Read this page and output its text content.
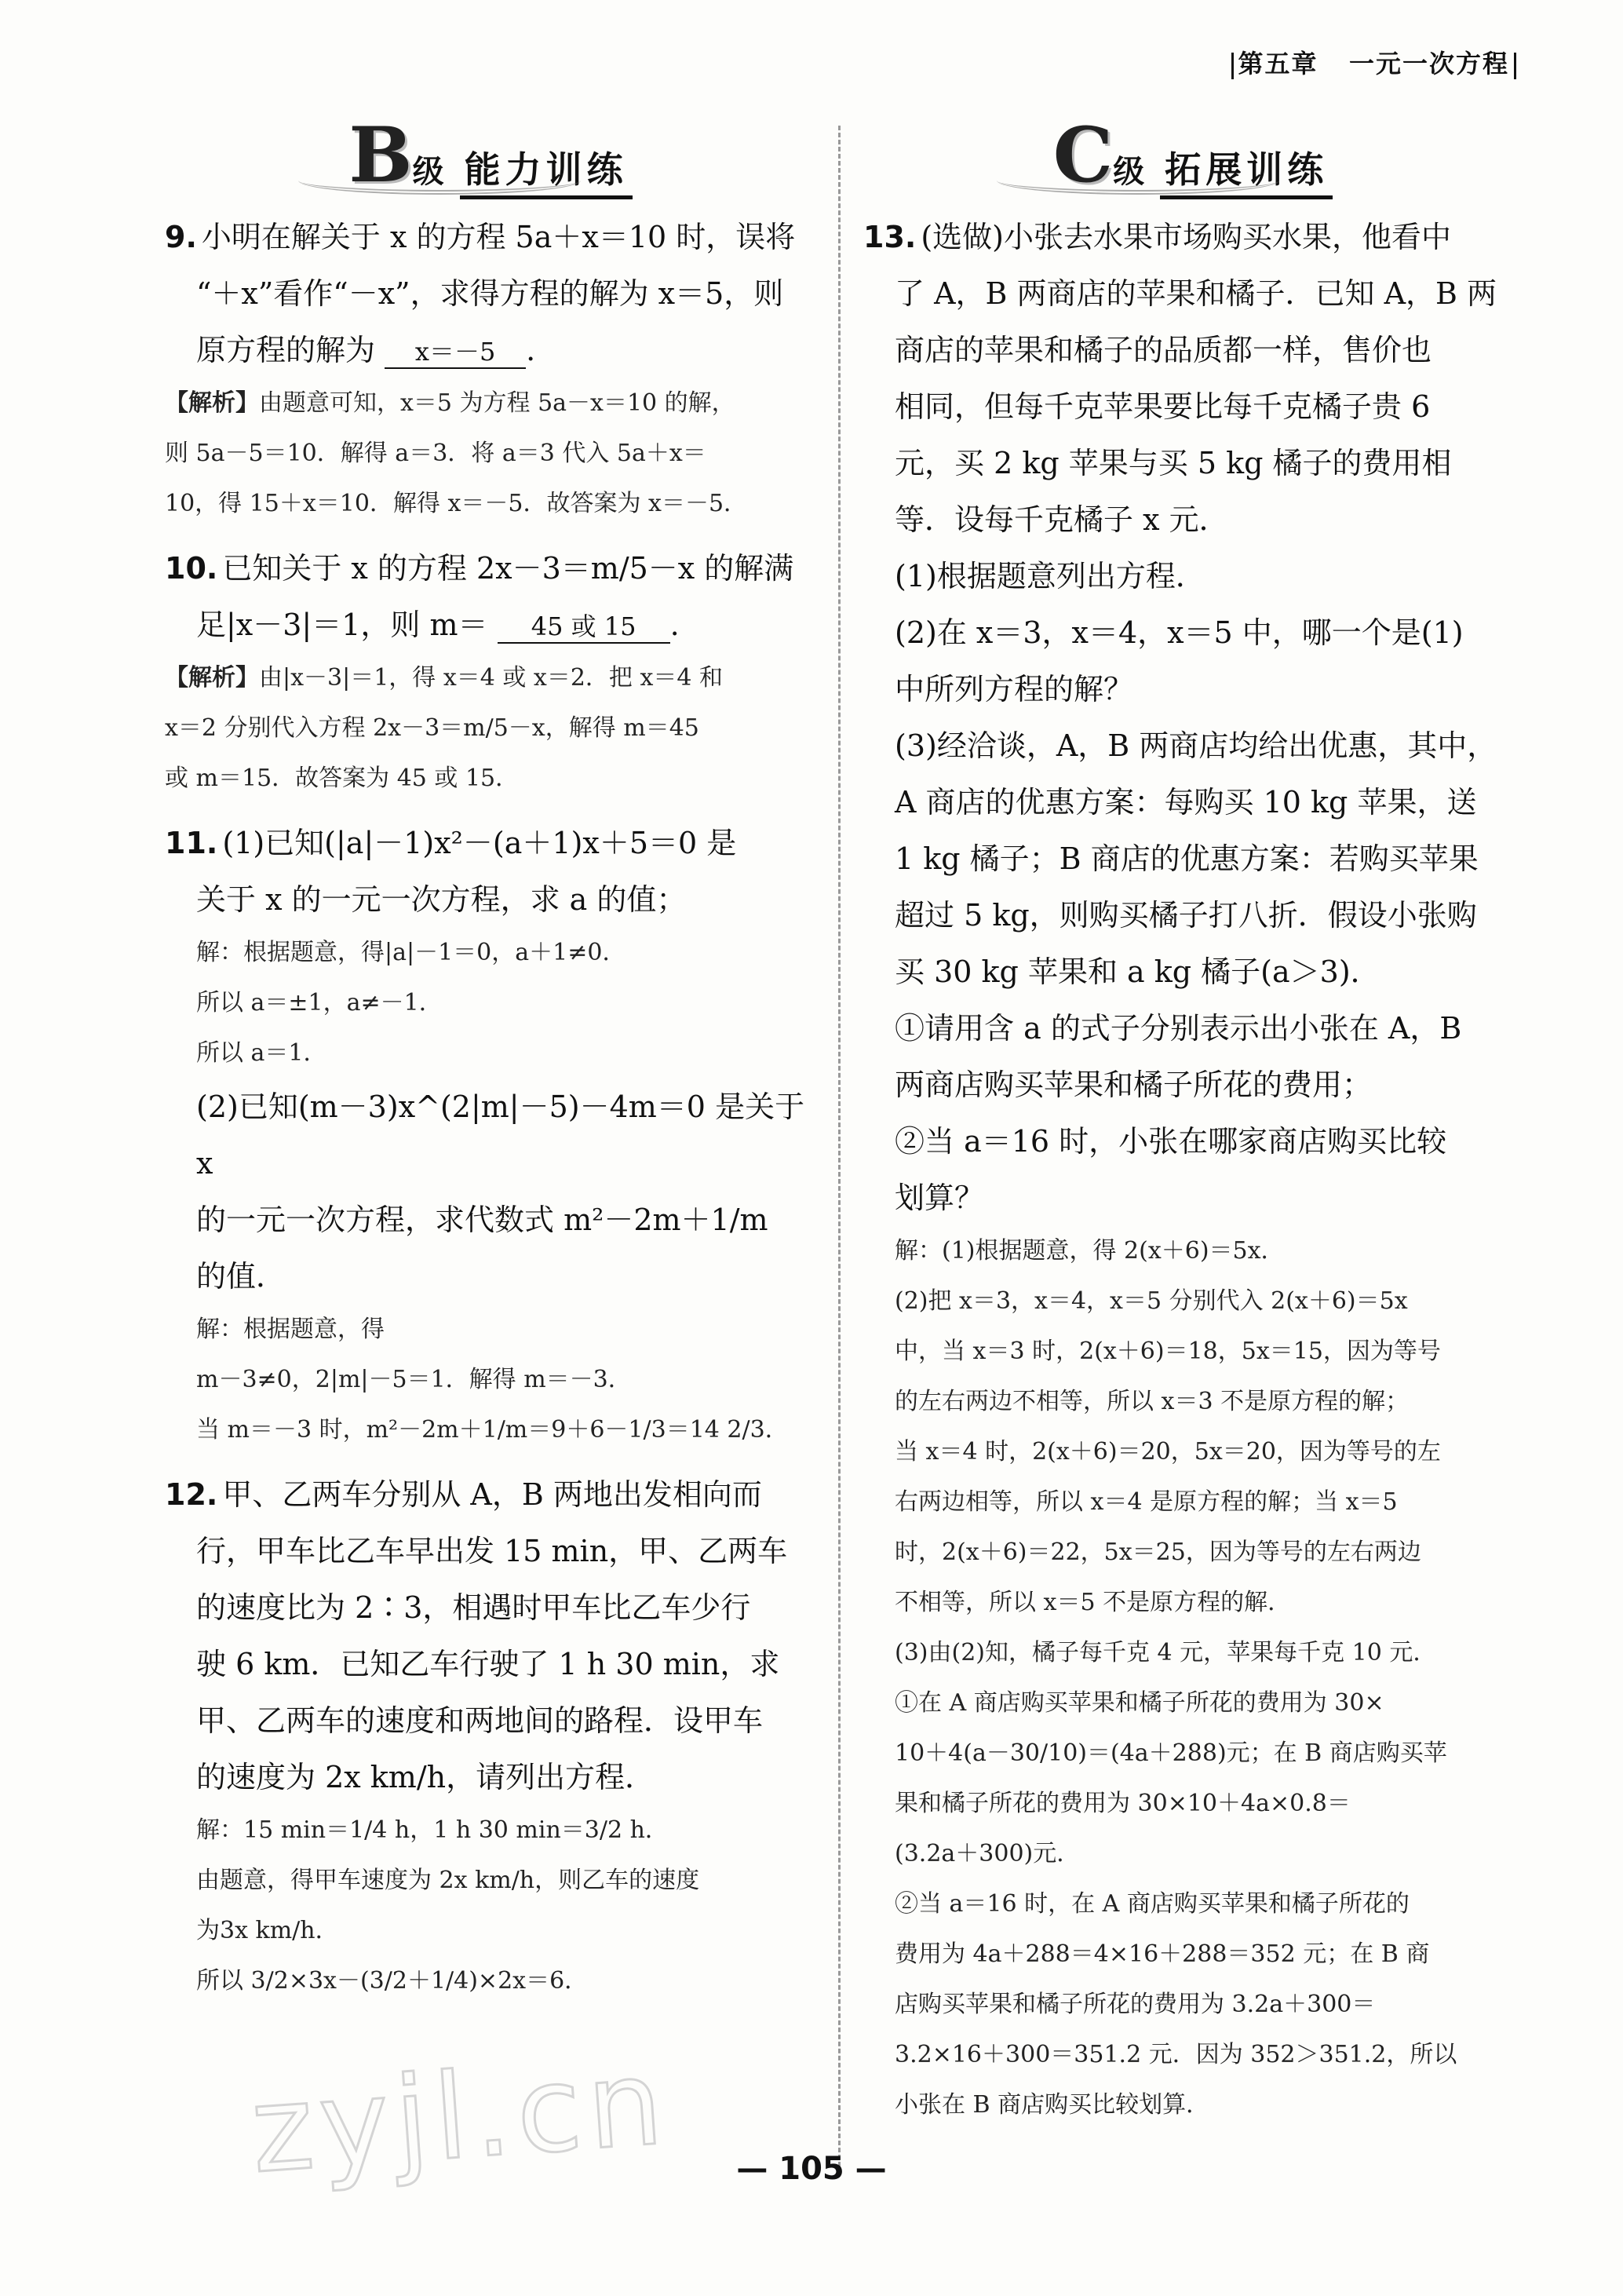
第五章 一元一次方程
B级 能力训练

9. 小明在解关于 x 的方程 5a＋x＝10 时，误将

“＋x”看作“－x”，求得方程的解为 x＝5，则

原方程的解为 x＝－5 .

【解析】由题意可知，x＝5 为方程 5a－x＝10 的解，

则 5a－5＝10．解得 a＝3．将 a＝3 代入 5a＋x＝

10，得 15＋x＝10．解得 x＝－5．故答案为 x＝－5．

10. 已知关于 x 的方程 2x－3＝m/5－x 的解满

足|x－3|＝1，则 m＝ 45 或 15 .

【解析】由|x－3|＝1，得 x＝4 或 x＝2．把 x＝4 和

x＝2 分别代入方程 2x－3＝m/5－x，解得 m＝45

或 m＝15．故答案为 45 或 15．

11. (1)已知(|a|－1)x²－(a＋1)x＋5＝0 是

关于 x 的一元一次方程，求 a 的值；

解：根据题意，得|a|－1＝0，a＋1≠0．

所以 a＝±1，a≠－1．

所以 a＝1．

(2)已知(m－3)x^(2|m|－5)－4m＝0 是关于 x

的一元一次方程，求代数式 m²－2m＋1/m

的值．

解：根据题意，得

m－3≠0，2|m|－5＝1．解得 m＝－3．

当 m＝－3 时，m²－2m＋1/m＝9＋6－1/3＝14 2/3．

12. 甲、乙两车分别从 A，B 两地出发相向而

行，甲车比乙车早出发 15 min，甲、乙两车

的速度比为 2∶3，相遇时甲车比乙车少行

驶 6 km．已知乙车行驶了 1 h 30 min，求

甲、乙两车的速度和两地间的路程．设甲车

的速度为 2x km/h，请列出方程．

解：15 min＝1/4 h，1 h 30 min＝3/2 h．

由题意，得甲车速度为 2x km/h，则乙车的速度

为3x km/h．

所以 3/2×3x－(3/2＋1/4)×2x＝6．

C级 拓展训练

13. (选做)小张去水果市场购买水果，他看中

了 A，B 两商店的苹果和橘子．已知 A，B 两

商店的苹果和橘子的品质都一样，售价也

相同，但每千克苹果要比每千克橘子贵 6

元，买 2 kg 苹果与买 5 kg 橘子的费用相

等．设每千克橘子 x 元．

(1)根据题意列出方程．

(2)在 x＝3，x＝4，x＝5 中，哪一个是(1)

中所列方程的解？

(3)经洽谈，A，B 两商店均给出优惠，其中，

A 商店的优惠方案：每购买 10 kg 苹果，送

1 kg 橘子；B 商店的优惠方案：若购买苹果

超过 5 kg，则购买橘子打八折．假设小张购

买 30 kg 苹果和 a kg 橘子(a＞3)．

①请用含 a 的式子分别表示出小张在 A，B

两商店购买苹果和橘子所花的费用；

②当 a＝16 时，小张在哪家商店购买比较

划算？

解：(1)根据题意，得 2(x＋6)＝5x．

(2)把 x＝3，x＝4，x＝5 分别代入 2(x＋6)＝5x

中，当 x＝3 时，2(x＋6)＝18，5x＝15，因为等号

的左右两边不相等，所以 x＝3 不是原方程的解；

当 x＝4 时，2(x＋6)＝20，5x＝20，因为等号的左

右两边相等，所以 x＝4 是原方程的解；当 x＝5

时，2(x＋6)＝22，5x＝25，因为等号的左右两边

不相等，所以 x＝5 不是原方程的解．

(3)由(2)知，橘子每千克 4 元，苹果每千克 10 元．

①在 A 商店购买苹果和橘子所花的费用为 30×

10＋4(a－30/10)＝(4a＋288)元；在 B 商店购买苹

果和橘子所花的费用为 30×10＋4a×0.8＝

(3.2a＋300)元．

②当 a＝16 时，在 A 商店购买苹果和橘子所花的

费用为 4a＋288＝4×16＋288＝352 元；在 B 商

店购买苹果和橘子所花的费用为 3.2a＋300＝

3.2×16＋300＝351.2 元．因为 352＞351.2，所以

小张在 B 商店购买比较划算．

zyjl.cn	— 105 —
